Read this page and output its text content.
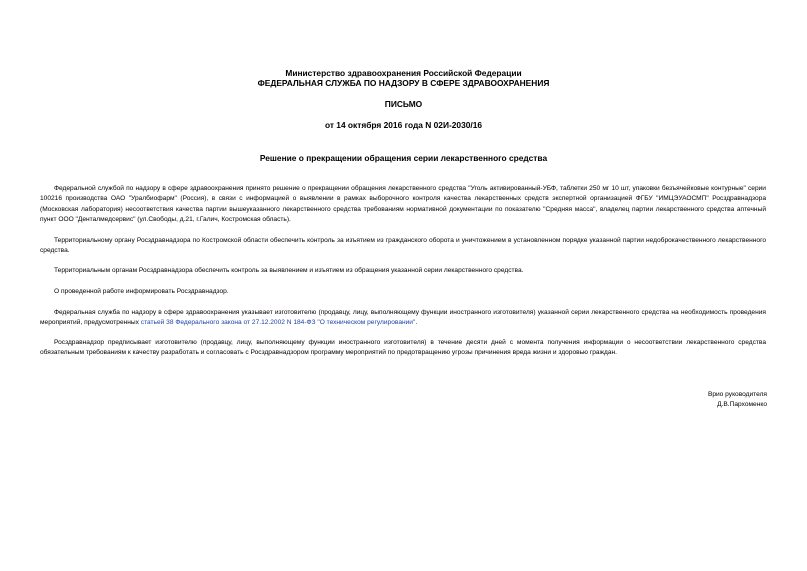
Министерство здравоохранения Российской Федерации
ФЕДЕРАЛЬНАЯ СЛУЖБА ПО НАДЗОРУ В СФЕРЕ ЗДРАВООХРАНЕНИЯ
ПИСЬМО
от 14 октября 2016 года N 02И-2030/16
Решение о прекращении обращения серии лекарственного средства
Федеральной службой по надзору в сфере здравоохранения принято решение о прекращении обращения лекарственного средства "Уголь активированный-УБФ, таблетки 250 мг 10 шт, упаковки безъячейковые контурные" серии 100216 производства ОАО "Уралбиофарм" (Россия), в связи с информацией о выявлении в рамках выборочного контроля качества лекарственных средств экспертной организацией ФГБУ "ИМЦЭУАОСМП" Росздравнадзора (Московская лаборатория) несоответствия качества партии вышеуказанного лекарственного средства требованиям нормативной документации по показателю "Средняя масса", владелец партии лекарственного средства аптечный пункт ООО "Денталмедсервис" (ул.Свободы, д.21, г.Галич, Костромская область).
Территориальному органу Росздравнадзора по Костромской области обеспечить контроль за изъятием из гражданского оборота и уничтожением в установленном порядке указанной партии недоброкачественного лекарственного средства.
Территориальным органам Росздравнадзора обеспечить контроль за выявлением и изъятием из обращения указанной серии лекарственного средства.
О проведенной работе информировать Росздравнадзор.
Федеральная служба по надзору в сфере здравоохранения указывает изготовителю (продавцу, лицу, выполняющему функции иностранного изготовителя) указанной серии лекарственного средства на необходимость проведения мероприятий, предусмотренных статьей 38 Федерального закона от 27.12.2002 N 184-ФЗ "О техническом регулировании".
Росздравнадзор предписывает изготовителю (продавцу, лицу, выполняющему функции иностранного изготовителя) в течение десяти дней с момента получения информации о несоответствии лекарственного средства обязательным требованиям к качеству разработать и согласовать с Росздравнадзором программу мероприятий по предотвращению угрозы причинения вреда жизни и здоровью граждан.
Врио руководителя
Д.В.Пархоменко
